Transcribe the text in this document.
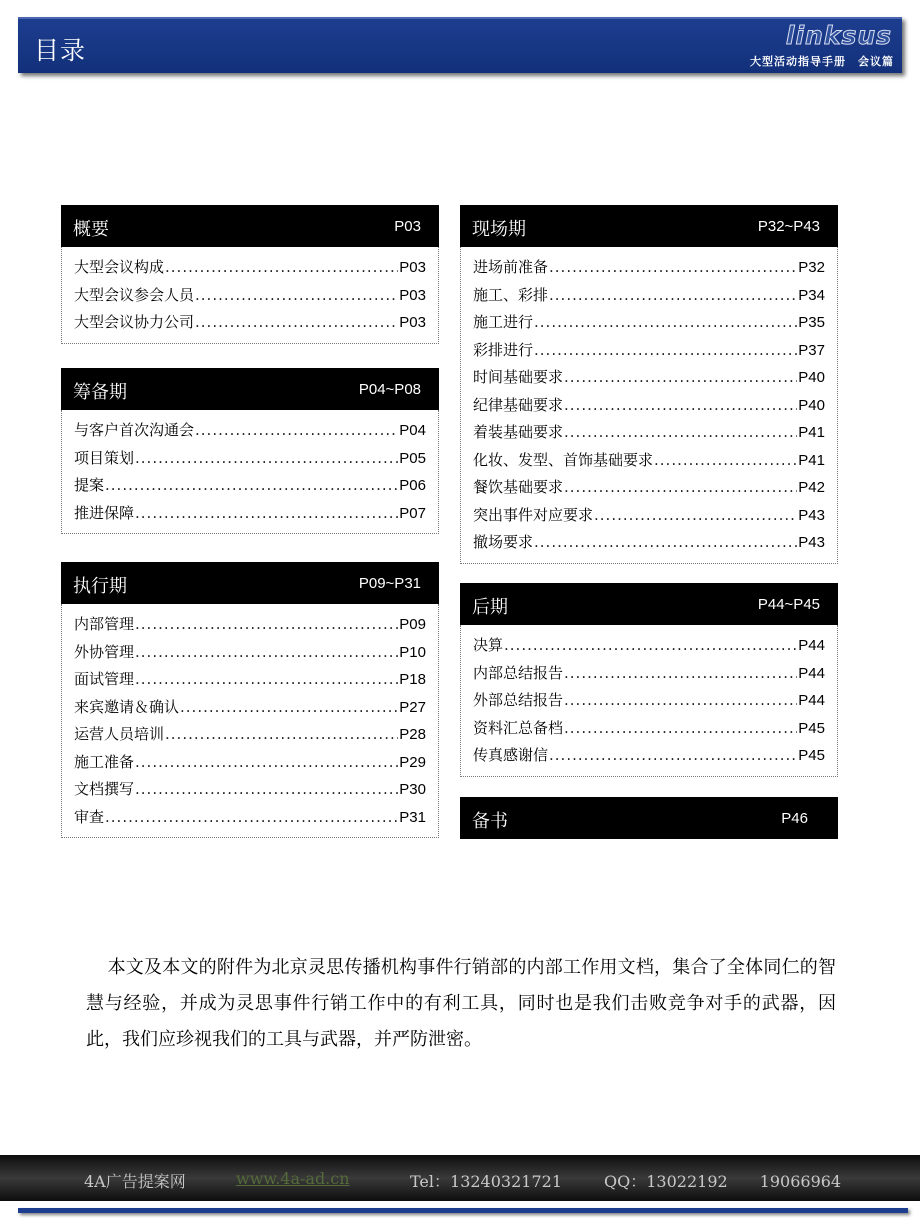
目录
linksus
大型活动指导手册　会议篇
概要	P03
大型会议构成 .....	P03
大型会议参会人员 .....	P03
大型会议协力公司 .....	P03
筹备期	P04~P08
与客户首次沟通会 .....	P04
项目策划 .....	P05
提案 .....	P06
推进保障 .....	P07
执行期	P09~P31
内部管理 .....	P09
外协管理 .....	P10
面试管理 .....	P18
来宾邀请＆确认 .....	P27
运营人员培训 .....	P28
施工准备 .....	P29
文档撰写 .....	P30
审查 .....	P31
现场期	P32~P43
进场前准备 .....	P32
施工、彩排 .....	P34
施工进行 .....	P35
彩排进行 .....	P37
时间基础要求 .....	P40
纪律基础要求 .....	P40
着装基础要求 .....	P41
化妆、发型、首饰基础要求 .....	P41
餐饮基础要求 .....	P42
突出事件对应要求 .....	P43
撤场要求 .....	P43
后期	P44~P45
决算 .....	P44
内部总结报告 .....	P44
外部总结报告 .....	P44
资料汇总备档 .....	P45
传真感谢信 .....	P45
备书	P46
本文及本文的附件为北京灵思传播机构事件行销部的内部工作用文档，集合了全体同仁的智慧与经验，并成为灵思事件行销工作中的有利工具，同时也是我们击败竞争对手的武器，因此，我们应珍视我们的工具与武器，并严防泄密。
4A广告提案网	www.4a-ad.cn	Tel：13240321721	QQ：13022192　　19066964
